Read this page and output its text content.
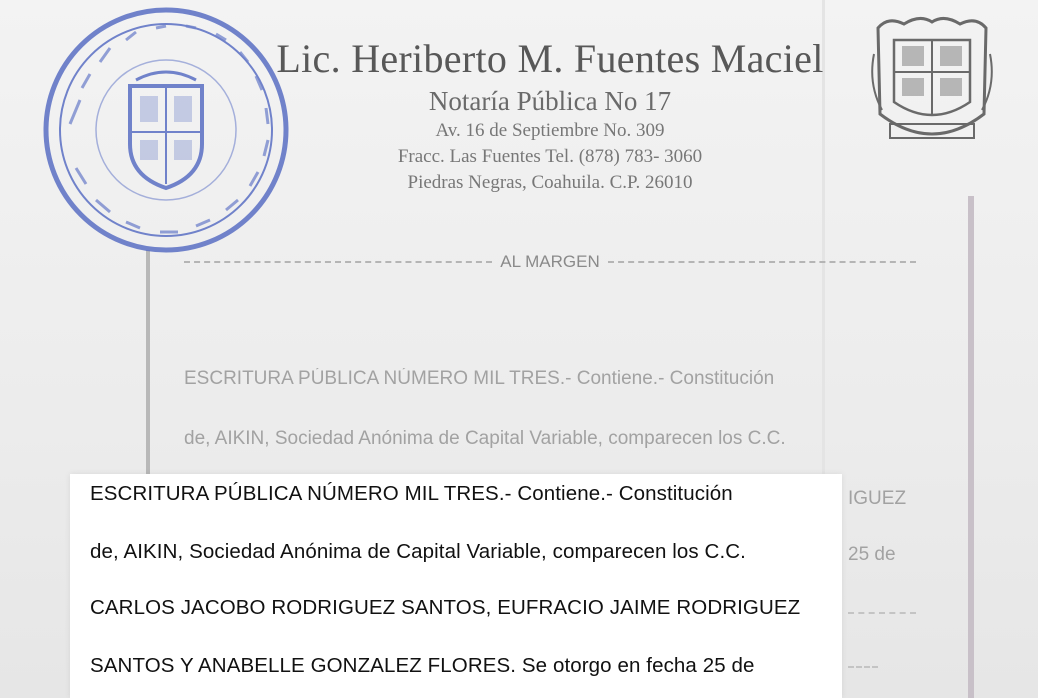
Lic. Heriberto M. Fuentes Maciel
Notaría Pública No 17
Av. 16 de Septiembre No. 309
Fracc. Las Fuentes Tel. (878) 783- 3060
Piedras Negras, Coahuila. C.P. 26010
AL MARGEN
ESCRITURA PÚBLICA NÚMERO MIL TRES.- Contiene.- Constitución
de, AIKIN, Sociedad Anónima de Capital Variable, comparecen los C.C.
IGUEZ
25 de
ESCRITURA PÚBLICA NÚMERO MIL TRES.- Contiene.- Constitución
de, AIKIN, Sociedad Anónima de Capital Variable, comparecen los C.C.
CARLOS JACOBO RODRIGUEZ SANTOS, EUFRACIO JAIME RODRIGUEZ
SANTOS Y ANABELLE GONZALEZ FLORES. Se otorgo en fecha 25 de
